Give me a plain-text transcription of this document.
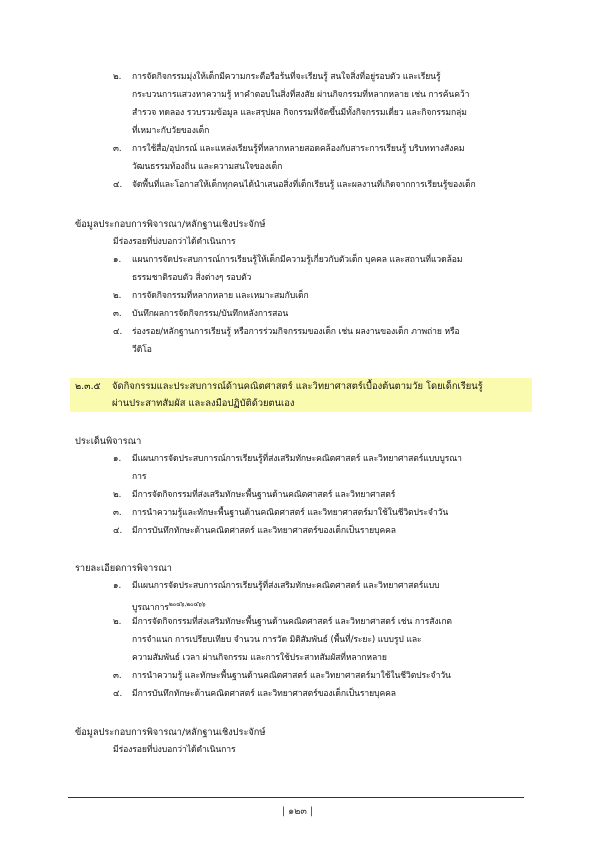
๒. การจัดกิจกรรมมุ่งให้เด็กมีความกระตือรือร้นที่จะเรียนรู้ สนใจสิ่งที่อยู่รอบตัว และเรียนรู้
กระบวนการแสวงหาความรู้ หาคำตอบในสิ่งที่สงสัย ผ่านกิจกรรมที่หลากหลาย เช่น การค้นคว้า
สำรวจ ทดลอง รวบรวมข้อมูล และสรุปผล กิจกรรมที่จัดขึ้นมีทั้งกิจกรรมเดี่ยว และกิจกรรมกลุ่ม
ที่เหมาะกับวัยของเด็ก
๓. การใช้สื่อ/อุปกรณ์ และแหล่งเรียนรู้ที่หลากหลายสอดคล้องกับสาระการเรียนรู้ บริบททางสังคม
วัฒนธรรมท้องถิ่น และความสนใจของเด็ก
๔. จัดพื้นที่และโอกาสให้เด็กทุกคนได้นำเสนอสิ่งที่เด็กเรียนรู้ และผลงานที่เกิดจากการเรียนรู้ของเด็ก
ข้อมูลประกอบการพิจารณา/หลักฐานเชิงประจักษ์
มีร่องรอยที่บ่งบอกว่าได้ดำเนินการ
๑. แผนการจัดประสบการณ์การเรียนรู้ให้เด็กมีความรู้เกี่ยวกับตัวเด็ก บุคคล และสถานที่แวดล้อม
ธรรมชาติรอบตัว สิ่งต่างๆ รอบตัว
๒. การจัดกิจกรรมที่หลากหลาย และเหมาะสมกับเด็ก
๓. บันทึกผลการจัดกิจกรรม/บันทึกหลังการสอน
๔. ร่องรอย/หลักฐานการเรียนรู้ หรือการร่วมกิจกรรมของเด็ก เช่น ผลงานของเด็ก ภาพถ่าย หรือ
วีดิโอ
๒.๓.๕ จัดกิจกรรมและประสบการณ์ด้านคณิตศาสตร์ และวิทยาศาสตร์เบื้องต้นตามวัย โดยเด็กเรียนรู้
ผ่านประสาทสัมผัส และลงมือปฏิบัติด้วยตนเอง
ประเด็นพิจารณา
๑. มีแผนการจัดประสบการณ์การเรียนรู้ที่ส่งเสริมทักษะคณิตศาสตร์ และวิทยาศาสตร์แบบบูรณา
การ
๒. มีการจัดกิจกรรมที่ส่งเสริมทักษะพื้นฐานด้านคณิตศาสตร์ และวิทยาศาสตร์
๓. การนำความรู้และทักษะพื้นฐานด้านคณิตศาสตร์ และวิทยาศาสตร์มาใช้ในชีวิตประจำวัน
๔. มีการบันทึกทักษะด้านคณิตศาสตร์ และวิทยาศาสตร์ของเด็กเป็นรายบุคคล
รายละเอียดการพิจารณา
๑. มีแผนการจัดประสบการณ์การเรียนรู้ที่ส่งเสริมทักษะคณิตศาสตร์ และวิทยาศาสตร์แบบ
บูรณาการ$^{๒๐๔๖,๒๐๔๖๖}$
๒. มีการจัดกิจกรรมที่ส่งเสริมทักษะพื้นฐานด้านคณิตศาสตร์ และวิทยาศาสตร์ เช่น การสังเกต
การจำแนก การเปรียบเทียบ จำนวน การวัด มิติสัมพันธ์ (พื้นที่/ระยะ) แบบรูป และ
ความสัมพันธ์ เวลา ผ่านกิจกรรม และการใช้ประสาทสัมผัสที่หลากหลาย
๓. การนำความรู้ และทักษะพื้นฐานด้านคณิตศาสตร์ และวิทยาศาสตร์มาใช้ในชีวิตประจำวัน
๔. มีการบันทึกทักษะด้านคณิตศาสตร์ และวิทยาศาสตร์ของเด็กเป็นรายบุคคล
ข้อมูลประกอบการพิจารณา/หลักฐานเชิงประจักษ์
มีร่องรอยที่บ่งบอกว่าได้ดำเนินการ
| ๑๒๓ |
